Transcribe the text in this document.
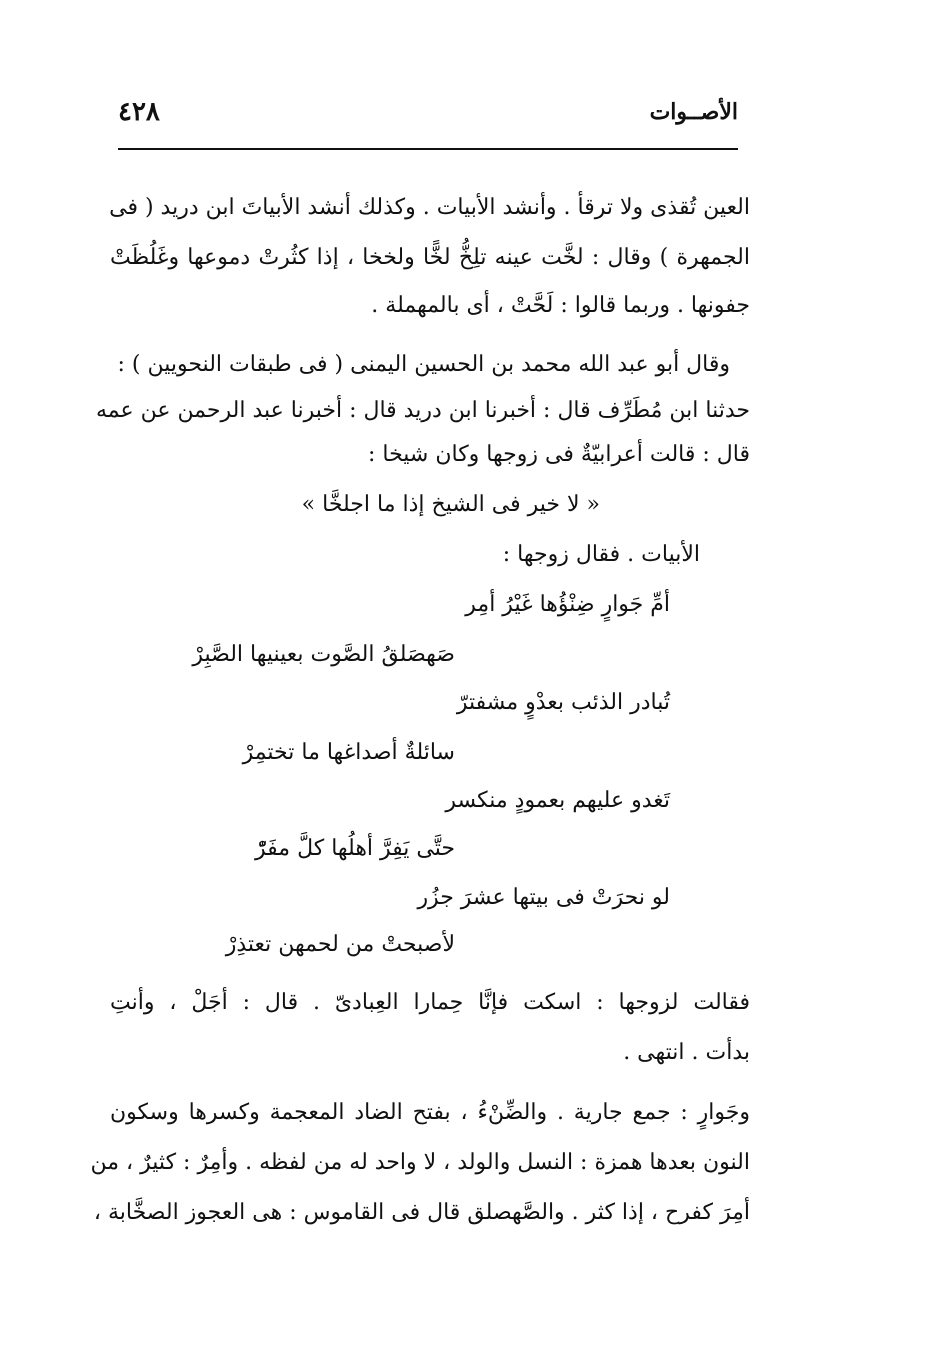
الأصــوات
٤٢٨
العين تُقذى ولا ترقأ . وأنشد الأبيات . وكذلك أنشد الأبياتَ ابن دريد ( فى
الجمهرة ) وقال : لخَّت عينه تلِخُّ لخًّا ولخخا ، إذا كثُرتْ دموعها وغَلُظَتْ
جفونها . وربما قالوا : لَحَّتْ ، أى بالمهملة .
وقال أبو عبد الله محمد بن الحسين اليمنى ( فى طبقات النحويين ) :
حدثنا ابن مُطَرِّف قال : أخبرنا ابن دريد قال : أخبرنا عبد الرحمن عن عمه
قال : قالت أعرابيّةٌ فى زوجها وكان شيخا :
« لا خير فى الشيخ إذا ما اجلخَّا »
الأبيات . فقال زوجها :
أمِّ جَوارٍ ضِنْؤُها غَيْرُ أمِر
صَهصَلقُ الصَّوت بعينيها الصَّبِرْ
تُبادر الذئب بعدْوٍ مشفترّ
سائلةٌ أصداغها ما تختمِرْ
تَغدو عليهم بعمودٍ منكسر
حتَّى يَفِرَّ أهلُها كلَّ مفَرّْ
لو نحرَتْ فى بيتها عشرَ جزُر
لأصبحتْ من لحمهن تعتذِرْ
فقالت لزوجها : اسكت فإنَّا حِمارا العِبادىّ . قال : أجَلْ ، وأنتِ
بدأت . انتهى .
وجَوارٍ : جمع جارية . والضِّنْءُ ، بفتح الضاد المعجمة وكسرها وسكون
النون بعدها همزة : النسل والولد ، لا واحد له من لفظه . وأمِرٌ : كثيرٌ ، من
أمِرَ كفرح ، إذا كثر . والصَّهصلق قال فى القاموس : هى العجوز الصخَّابة ،
